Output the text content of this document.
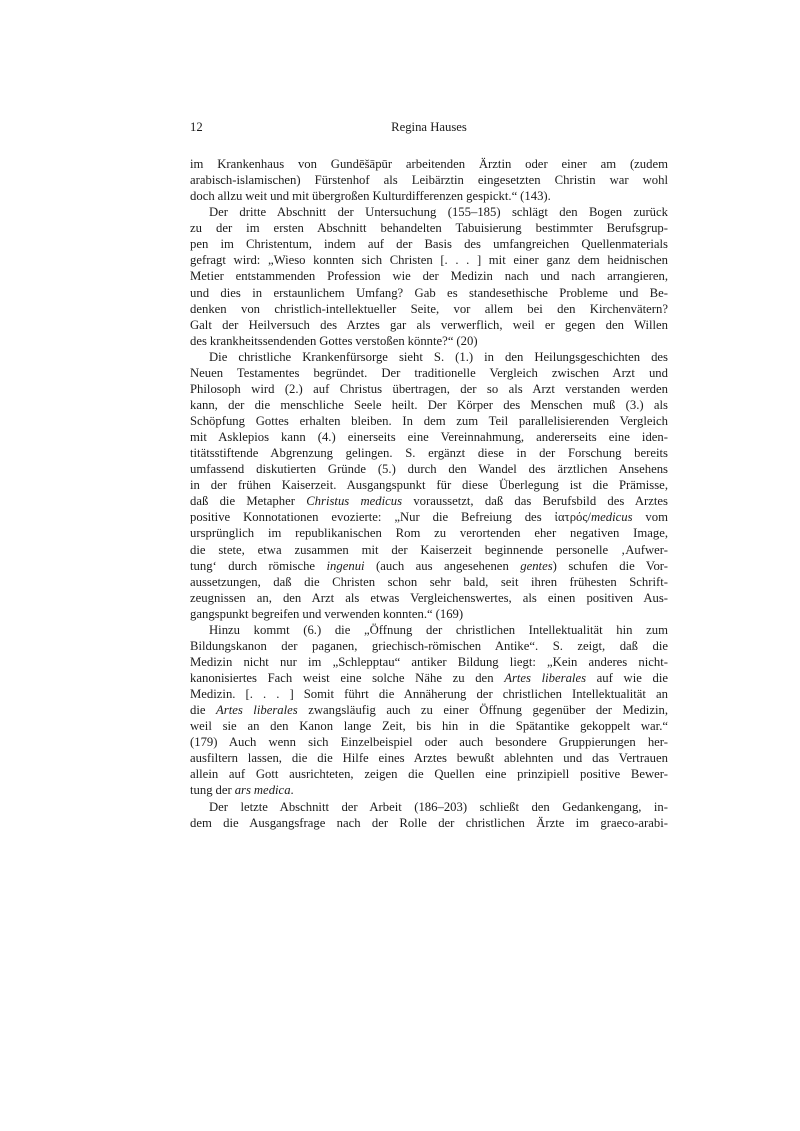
12	Regina Hauses
im Krankenhaus von Gundēšāpūr arbeitenden Ärztin oder einer am (zudem
arabisch-islamischen) Fürstenhof als Leibärztin eingesetzten Christin war wohl
doch allzu weit und mit übergroßen Kulturdifferenzen gespickt.“ (143).
Der dritte Abschnitt der Untersuchung (155–185) schlägt den Bogen zurück
zu der im ersten Abschnitt behandelten Tabuisierung bestimmter Berufsgrup-
pen im Christentum, indem auf der Basis des umfangreichen Quellenmaterials
gefragt wird: „Wieso konnten sich Christen [. . . ] mit einer ganz dem heidnischen
Metier entstammenden Profession wie der Medizin nach und nach arrangieren,
und dies in erstaunlichem Umfang? Gab es standesethische Probleme und Be-
denken von christlich-intellektueller Seite, vor allem bei den Kirchenvätern?
Galt der Heilversuch des Arztes gar als verwerflich, weil er gegen den Willen
des krankheitssendenden Gottes verstoßen könnte?“ (20)
Die christliche Krankenfürsorge sieht S. (1.) in den Heilungsgeschichten des
Neuen Testamentes begründet. Der traditionelle Vergleich zwischen Arzt und
Philosoph wird (2.) auf Christus übertragen, der so als Arzt verstanden werden
kann, der die menschliche Seele heilt. Der Körper des Menschen muß (3.) als
Schöpfung Gottes erhalten bleiben. In dem zum Teil parallelisierenden Vergleich
mit Asklepios kann (4.) einerseits eine Vereinnahmung, andererseits eine iden-
titätsstiftende Abgrenzung gelingen. S. ergänzt diese in der Forschung bereits
umfassend diskutierten Gründe (5.) durch den Wandel des ärztlichen Ansehens
in der frühen Kaiserzeit. Ausgangspunkt für diese Überlegung ist die Prämisse,
daß die Metapher Christus medicus voraussetzt, daß das Berufsbild des Arztes
positive Konnotationen evozierte: „Nur die Befreiung des ἰατρός/medicus vom
ursprünglich im republikanischen Rom zu verortenden eher negativen Image,
die stete, etwa zusammen mit der Kaiserzeit beginnende personelle ‚Aufwer-
tung‘ durch römische ingenui (auch aus angesehenen gentes) schufen die Vor-
aussetzungen, daß die Christen schon sehr bald, seit ihren frühesten Schrift-
zeugnissen an, den Arzt als etwas Vergleichenswertes, als einen positiven Aus-
gangspunkt begreifen und verwenden konnten.“ (169)
Hinzu kommt (6.) die „Öffnung der christlichen Intellektualität hin zum
Bildungskanon der paganen, griechisch-römischen Antike“. S. zeigt, daß die
Medizin nicht nur im „Schlepptau“ antiker Bildung liegt: „Kein anderes nicht-
kanonisiertes Fach weist eine solche Nähe zu den Artes liberales auf wie die
Medizin. [. . . ] Somit führt die Annäherung der christlichen Intellektualität an
die Artes liberales zwangsläufig auch zu einer Öffnung gegenüber der Medizin,
weil sie an den Kanon lange Zeit, bis hin in die Spätantike gekoppelt war.“
(179) Auch wenn sich Einzelbeispiel oder auch besondere Gruppierungen her-
ausfiltern lassen, die die Hilfe eines Arztes bewußt ablehnten und das Vertrauen
allein auf Gott ausrichteten, zeigen die Quellen eine prinzipiell positive Bewer-
tung der ars medica.
Der letzte Abschnitt der Arbeit (186–203) schließt den Gedankengang, in-
dem die Ausgangsfrage nach der Rolle der christlichen Ärzte im graeco-arabi-
